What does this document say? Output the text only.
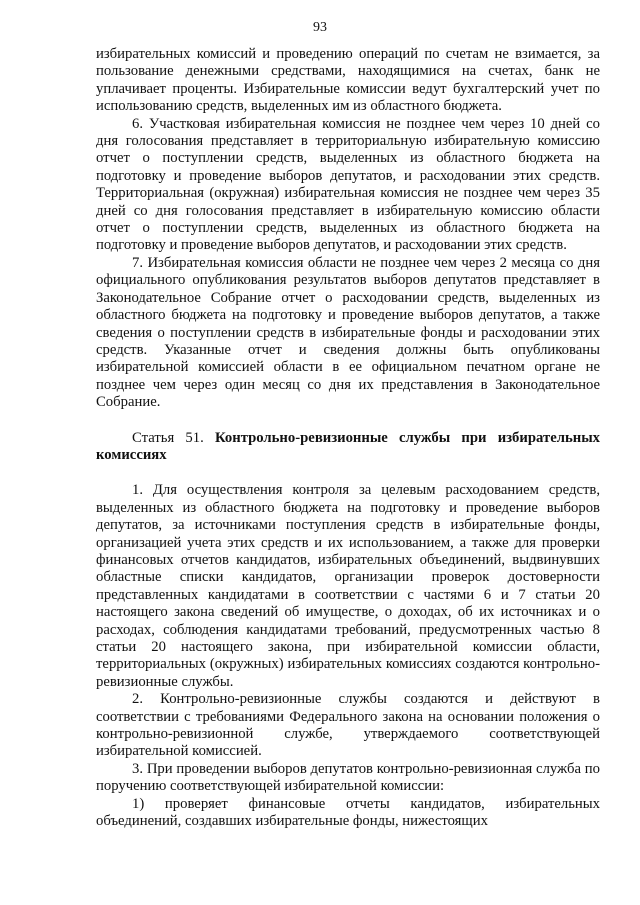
93

избирательных комиссий и проведению операций по счетам не взимается, за пользование денежными средствами, находящимися на счетах, банк не уплачивает проценты. Избирательные комиссии ведут бухгалтерский учет по использованию средств, выделенных им из областного бюджета.

6. Участковая избирательная комиссия не позднее чем через 10 дней со дня голосования представляет в территориальную избирательную комиссию отчет о поступлении средств, выделенных из областного бюджета на подготовку и проведение выборов депутатов, и расходовании этих средств. Территориальная (окружная) избирательная комиссия не позднее чем через 35 дней со дня голосования представляет в избирательную комиссию области отчет о поступлении средств, выделенных из областного бюджета на подготовку и проведение выборов депутатов, и расходовании этих средств.

7. Избирательная комиссия области не позднее чем через 2 месяца со дня официального опубликования результатов выборов депутатов представляет в Законодательное Собрание отчет о расходовании средств, выделенных из областного бюджета на подготовку и проведение выборов депутатов, а также сведения о поступлении средств в избирательные фонды и расходовании этих средств. Указанные отчет и сведения должны быть опубликованы избирательной комиссией области в ее официальном печатном органе не позднее чем через один месяц со дня их представления в Законодательное Собрание.

Статья 51. Контрольно-ревизионные службы при избирательных комиссиях

1. Для осуществления контроля за целевым расходованием средств, выделенных из областного бюджета на подготовку и проведение выборов депутатов, за источниками поступления средств в избирательные фонды, организацией учета этих средств и их использованием, а также для проверки финансовых отчетов кандидатов, избирательных объединений, выдвинувших областные списки кандидатов, организации проверок достоверности представленных кандидатами в соответствии с частями 6 и 7 статьи 20 настоящего закона сведений об имуществе, о доходах, об их источниках и о расходах, соблюдения кандидатами требований, предусмотренных частью 8 статьи 20 настоящего закона, при избирательной комиссии области, территориальных (окружных) избирательных комиссиях создаются контрольно-ревизионные службы.

2. Контрольно-ревизионные службы создаются и действуют в соответствии с требованиями Федерального закона на основании положения о контрольно-ревизионной службе, утверждаемого соответствующей избирательной комиссией.

3. При проведении выборов депутатов контрольно-ревизионная служба по поручению соответствующей избирательной комиссии:

1) проверяет финансовые отчеты кандидатов, избирательных объединений, создавших избирательные фонды, нижестоящих
